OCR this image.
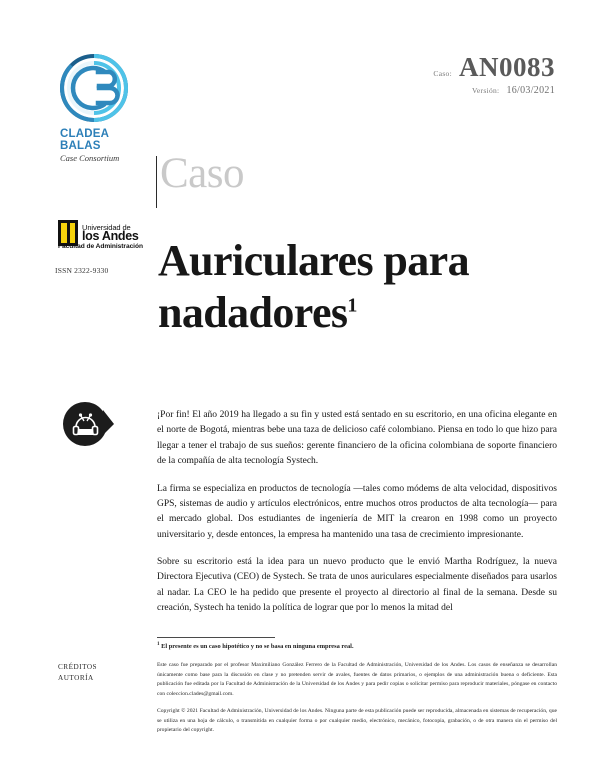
CLADEA
BALAS
Case Consortium
Universidad de
los Andes
Facultad de Administración
ISSN 2322-9330
CRÉDITOS
AUTORÍA
Caso: AN0083
Versión: 16/03/2021
Caso
Auriculares para nadadores$^1$

¡Por fin! El año 2019 ha llegado a su fin y usted está sentado en su escritorio, en una oficina elegante en el norte de Bogotá, mientras bebe una taza de delicioso café colombiano. Piensa en todo lo que hizo para llegar a tener el trabajo de sus sueños: gerente financiero de la oficina colombiana de soporte financiero de la compañía de alta tecnología Systech.

La firma se especializa en productos de tecnología —tales como módems de alta velocidad, dispositivos GPS, sistemas de audio y artículos electrónicos, entre muchos otros productos de alta tecnología— para el mercado global. Dos estudiantes de ingeniería de MIT la crearon en 1998 como un proyecto universitario y, desde entonces, la empresa ha mantenido una tasa de crecimiento impresionante.

Sobre su escritorio está la idea para un nuevo producto que le envió Martha Rodríguez, la nueva Directora Ejecutiva (CEO) de Systech. Se trata de unos auriculares especialmente diseñados para usarlos al nadar. La CEO le ha pedido que presente el proyecto al directorio al final de la semana. Desde su creación, Systech ha tenido la política de lograr que por lo menos la mitad del

$^1$ El presente es un caso hipotético y no se basa en ninguna empresa real.

Este caso fue preparado por el profesor Maximiliano González Ferrero de la Facultad de Administración, Universidad de los Andes. Los casos de enseñanza se desarrollan únicamente como base para la discusión en clase y no pretenden servir de avales, fuentes de datos primarios, o ejemplos de una administración buena o deficiente. Esta publicación fue editada por la Facultad de Administración de la Universidad de los Andes y para pedir copias o solicitar permiso para reproducir materiales, póngase en contacto con coleccion.clades@gmail.com.

Copyright © 2021 Facultad de Administración, Universidad de los Andes. Ninguna parte de esta publicación puede ser reproducida, almacenada en sistemas de recuperación, que se utiliza en una hoja de cálculo, o transmitida en cualquier forma o por cualquier medio, electrónico, mecánico, fotocopia, grabación, o de otra manera sin el permiso del propietario del copyright.
